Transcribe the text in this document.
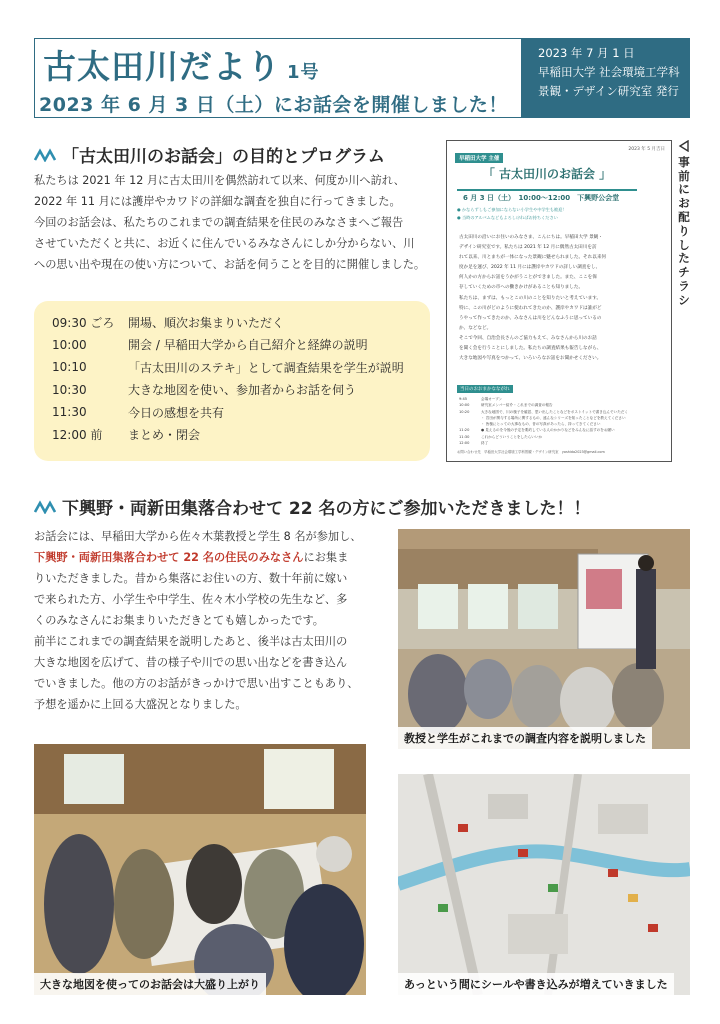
古太田川だより 1号
2023 年 6 月 3 日（土）にお話会を開催しました！
2023 年 7 月 1 日
早稲田大学 社会環境工学科
景観・デザイン研究室 発行
「古太田川のお話会」の目的とプログラム

私たちは 2021 年 12 月に古太田川を偶然訪れて以来、何度か川へ訪れ、

2022 年 11 月には護岸やカワドの詳細な調査を独自に行ってきました。

今回のお話会は、私たちのこれまでの調査結果を住民のみなさまへご報告

させていただくと共に、お近くに住んでいるみなさんにしか分からない、川

への思い出や現在の使い方について、お話を伺うことを目的に開催しました。

09:30 ごろ	開場、順次お集まりいただく
10:00	開会 / 早稲田大学から自己紹介と経緯の説明
10:10	「古太田川のステキ」として調査結果を学生が説明
10:30	大きな地図を使い、参加者からお話を伺う
11:30	今日の感想を共有
12:00 前	まとめ・閉会
2023 年 5 月吉日
早稲田大学 主催
「 古太田川のお話会 」
6 月 3 日（土）　10:00～12:00　下興野公会堂
● かならずしもご参加にならない小学生や中学生も歓迎！
● 当時のアルバムなどもよろしければお持ちください

古太田川の沿いにお住いのみなさま、こんにちは。早稲田大学 景観・

デザイン研究室です。私たちは 2021 年 12 月に偶然古太田川を訪

れて以来、川とまちが一体になった景観に魅せられました。それ以来何

度か足を運び、2022 年 11 月には護岸やカワドの詳しい調査をし、

何人かの方からお話をうかがうことができました。また、ここを保

存していくための市への働きかけがあることも知りました。

私たちは、まずは、もっとこの川のことを知りたいと考えています。

特に、この川がどのように使われてきたのか、護岸やカワドは誰がど

うやって作ってきたのか、みなさんは川をどんなふうに思っているの

か、などなど。

そこで今回、自治会長さんのご協力もえて、みなさんから川のお話

を聞く会を行うことにしました。私たちの調査結果も報告しながら、

大きな地図や写真をつかって、いろいろなお話をお聞かせください。

当日のおおまかなながれ
9:45	会場オープン
10:00	研究室メンバー紹介・これまでの調査の報告
10:20	大きな地図で、川の様子を確認、思い出したことなどをポストイットで書き込んでいただく
・ 宮田が関与する場所に関するもの、盛んなシリーズを知ったことなどを教えてください
・ 皆様にとっての大事なもの、昔の写真があったら、持ってきてください
11:20	● 見えるのを今後の予定を要約している人のかかりなどをみんなに話すのをお願い
11:30	これからどういうことをしたらいいか
12:00	終了
お問い合わせ先　早稲田大学社会環境工学科景観・デザイン研究室　yoshida2023@gmail.com
事
前
に
お
配
り
し
た
チ
ラ
シ
下興野・両新田集落合わせて 22 名の方にご参加いただきました！！

お話会には、早稲田大学から佐々木葉教授と学生 8 名が参加し、

下興野・両新田集落合わせて 22 名の住民のみなさんにお集ま

りいただきました。昔から集落にお住いの方、数十年前に嫁い

で来られた方、小学生や中学生、佐々木小学校の先生など、多

くのみなさんにお集まりいただきとても嬉しかったです。

前半にこれまでの調査結果を説明したあと、後半は古太田川の

大きな地図を広げて、昔の様子や川での思い出などを書き込ん

でいきました。他の方のお話がきっかけで思い出すこともあり、

予想を遥かに上回る大盛況となりました。

教授と学生がこれまでの調査内容を説明しました
大きな地図を使ってのお話会は大盛り上がり	あっという間にシールや書き込みが増えていきました
